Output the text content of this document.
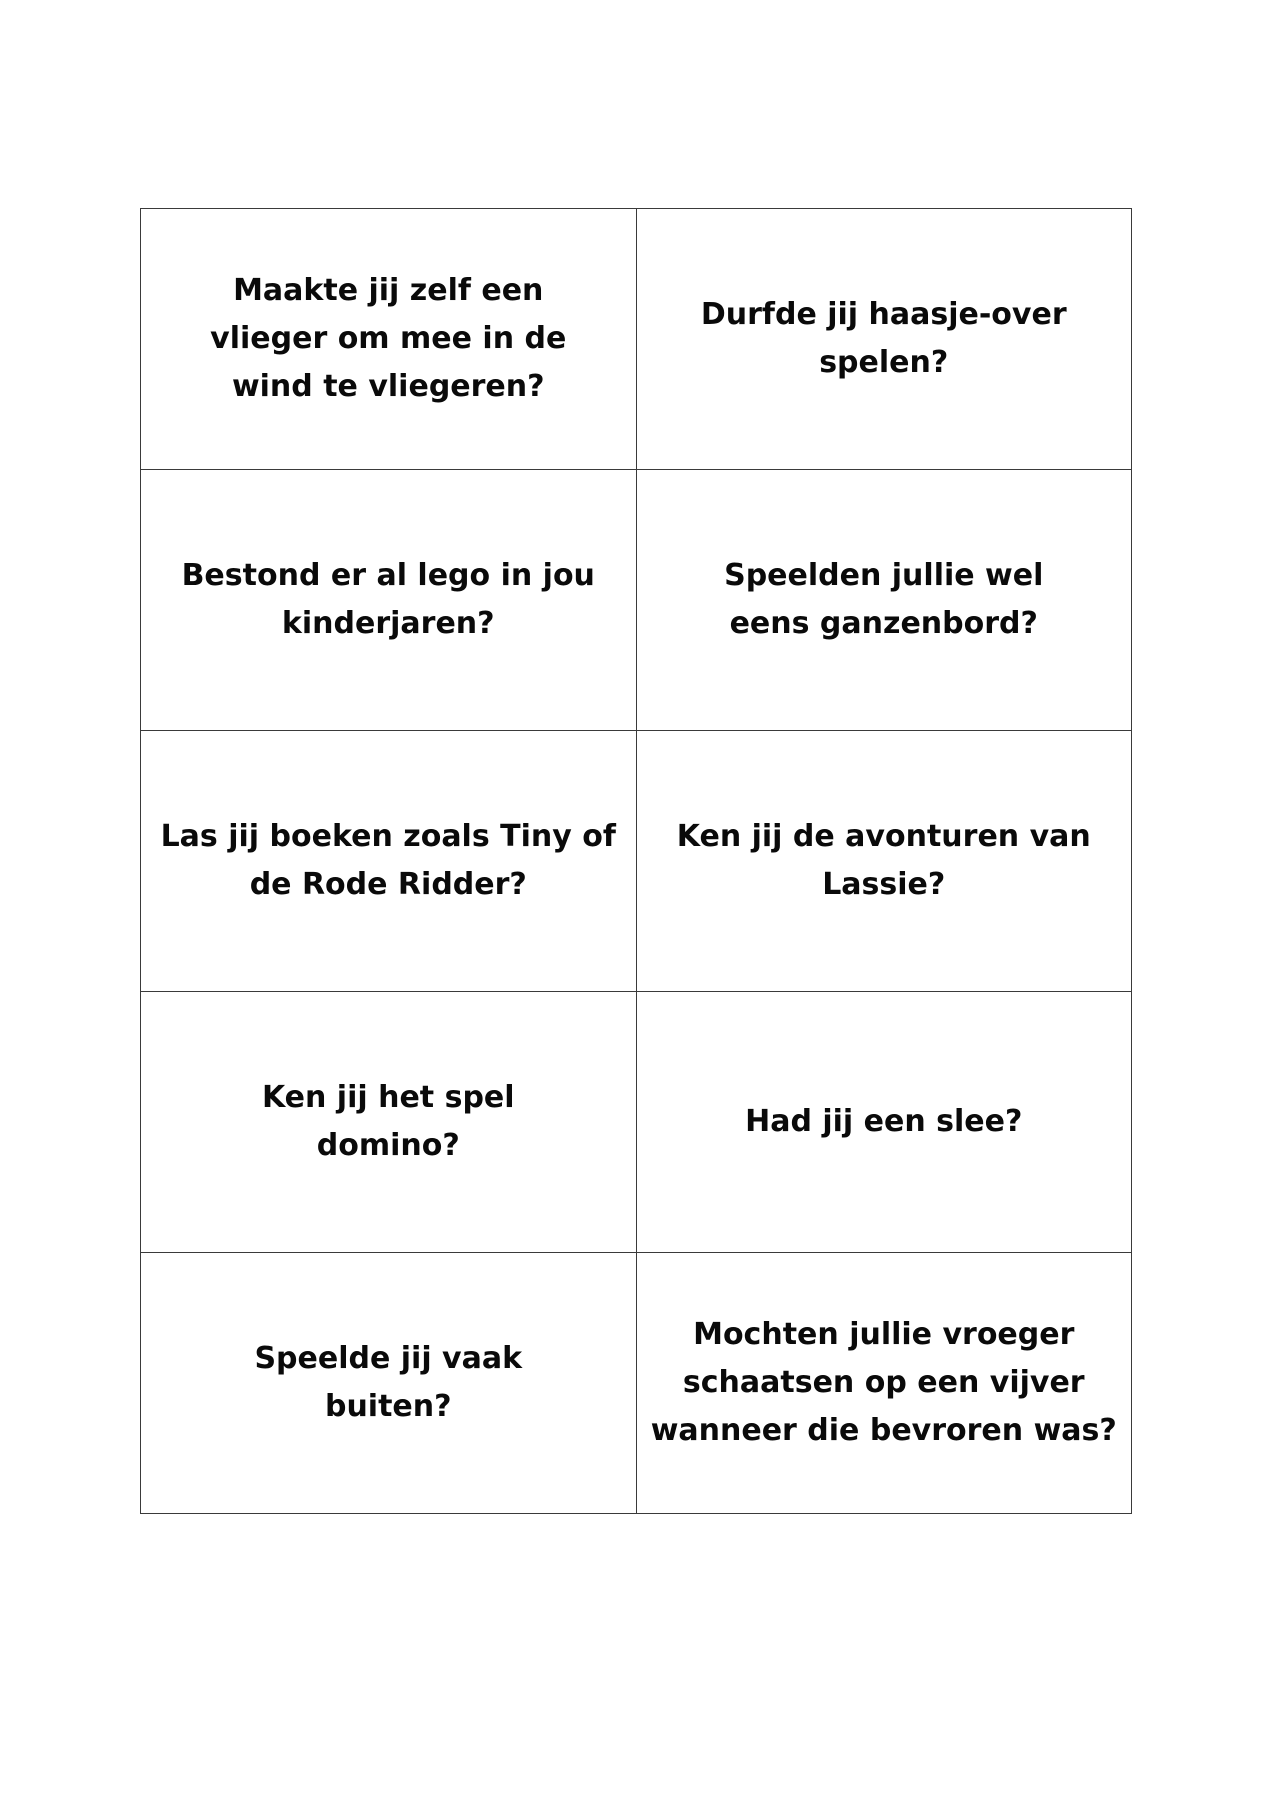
Maakte jij zelf een vlieger om mee in de wind te vliegeren?	Durfde jij haasje-over spelen?
Bestond er al lego in jou kinderjaren?	Speelden jullie wel eens ganzenbord?
Las jij boeken zoals Tiny of de Rode Ridder?	Ken jij de avonturen van Lassie?
Ken jij het spel domino?	Had jij een slee?
Speelde jij vaak buiten?	Mochten jullie vroeger schaatsen op een vijver wanneer die bevroren was?
